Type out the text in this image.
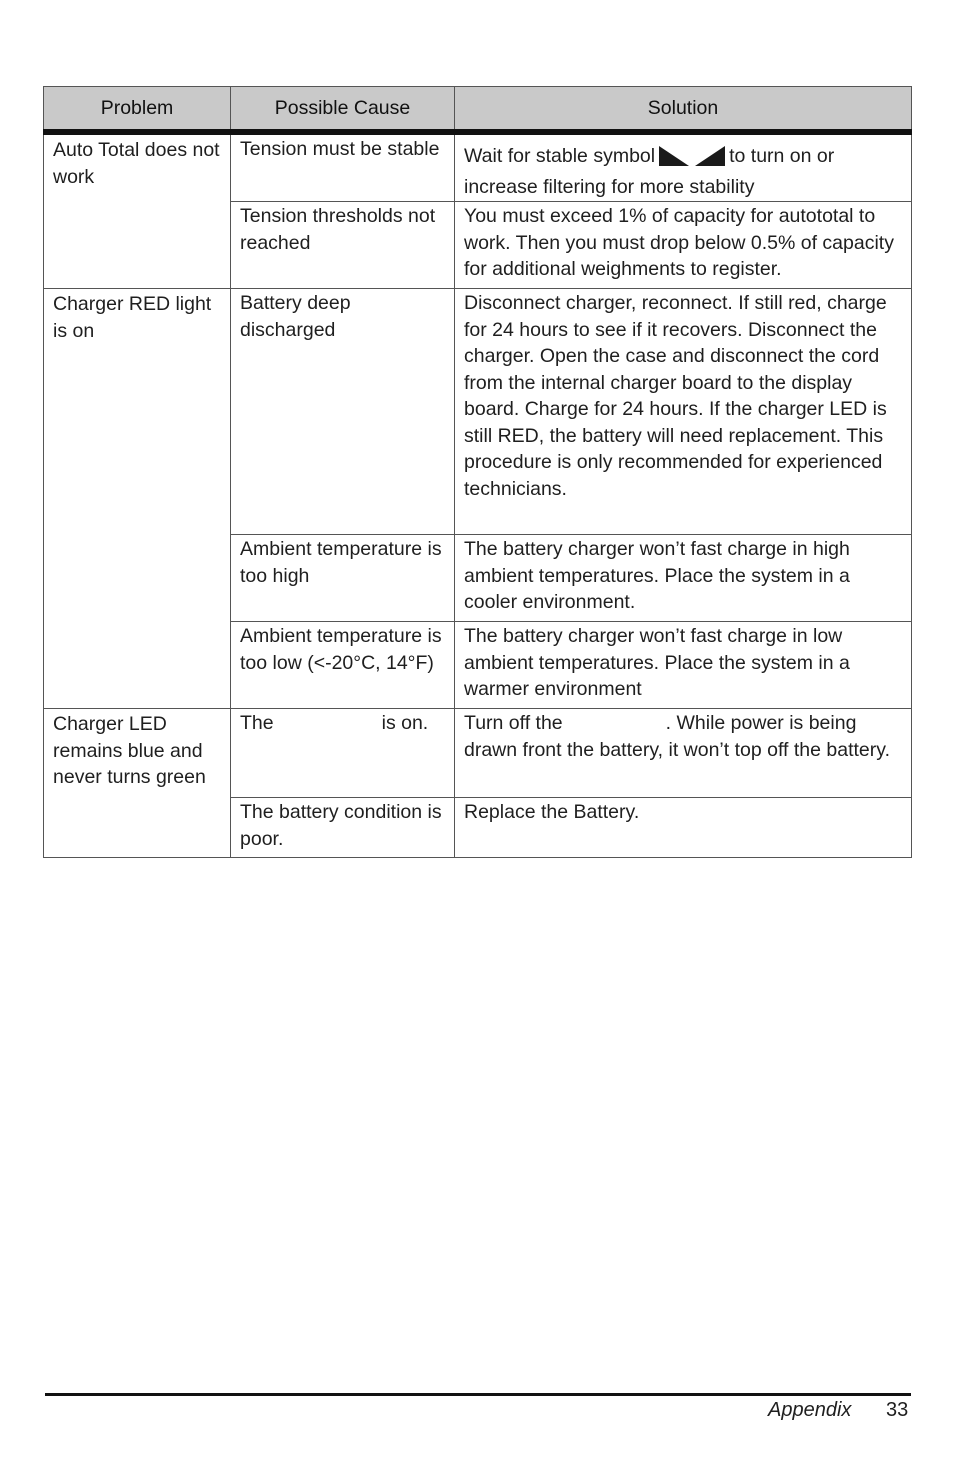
Problem	Possible Cause	Solution
Auto Total does not work	Tension must be stable	Wait for stable symbol to turn on or increase filtering for more stability
	Tension thresholds not reached	You must exceed 1% of capacity for autototal to work. Then you must drop below 0.5% of capacity for additional weighments to register.
Charger RED light is on	Battery deep discharged	Disconnect charger, reconnect. If still red, charge for 24 hours to see if it recovers. Disconnect the charger. Open the case and disconnect the cord from the internal charger board to the display board. Charge for 24 hours. If the charger LED is still RED, the battery will need replacement. This procedure is only recommended for experienced technicians.
	Ambient temperature is too high	The battery charger won’t fast charge in high ambient temperatures. Place the system in a cooler environment.
	Ambient temperature is too low (<-20°C, 14°F)	The battery charger won’t fast charge in low ambient temperatures. Place the system in a warmer environment
Charger LED remains blue and never turns green	The is on.	Turn off the . While power is being drawn front the battery, it won’t top off the battery.
	The battery condition is poor.	Replace the Battery.
Appendix 33
